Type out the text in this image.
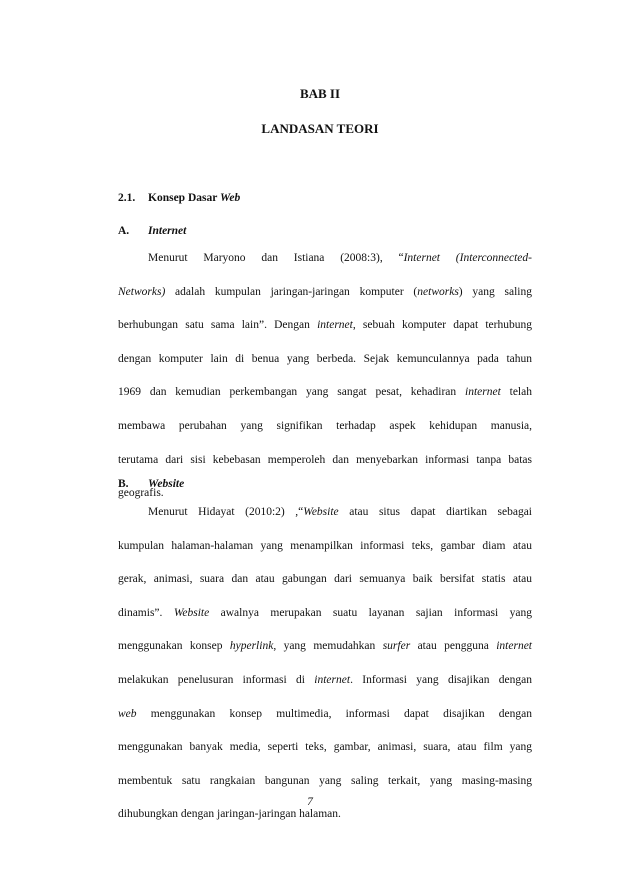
BAB II

LANDASAN TEORI

2.1. Konsep Dasar Web

A. Internet

Menurut Maryono dan Istiana (2008:3), “Internet (Interconnected-
Networks) adalah kumpulan jaringan-jaringan komputer (networks) yang saling
berhubungan satu sama lain”. Dengan internet, sebuah komputer dapat terhubung
dengan komputer lain di benua yang berbeda. Sejak kemunculannya pada tahun
1969 dan kemudian perkembangan yang sangat pesat, kehadiran internet telah
membawa perubahan yang signifikan terhadap aspek kehidupan manusia,
terutama dari sisi kebebasan memperoleh dan menyebarkan informasi tanpa batas
geografis.

B. Website

Menurut Hidayat (2010:2) ,“Website atau situs dapat diartikan sebagai
kumpulan halaman-halaman yang menampilkan informasi teks, gambar diam atau
gerak, animasi, suara dan atau gabungan dari semuanya baik bersifat statis atau
dinamis”. Website awalnya merupakan suatu layanan sajian informasi yang
menggunakan konsep hyperlink, yang memudahkan surfer atau pengguna internet
melakukan penelusuran informasi di internet. Informasi yang disajikan dengan
web menggunakan konsep multimedia, informasi dapat disajikan dengan
menggunakan banyak media, seperti teks, gambar, animasi, suara, atau film yang
membentuk satu rangkaian bangunan yang saling terkait, yang masing-masing
dihubungkan dengan jaringan-jaringan halaman.

7
